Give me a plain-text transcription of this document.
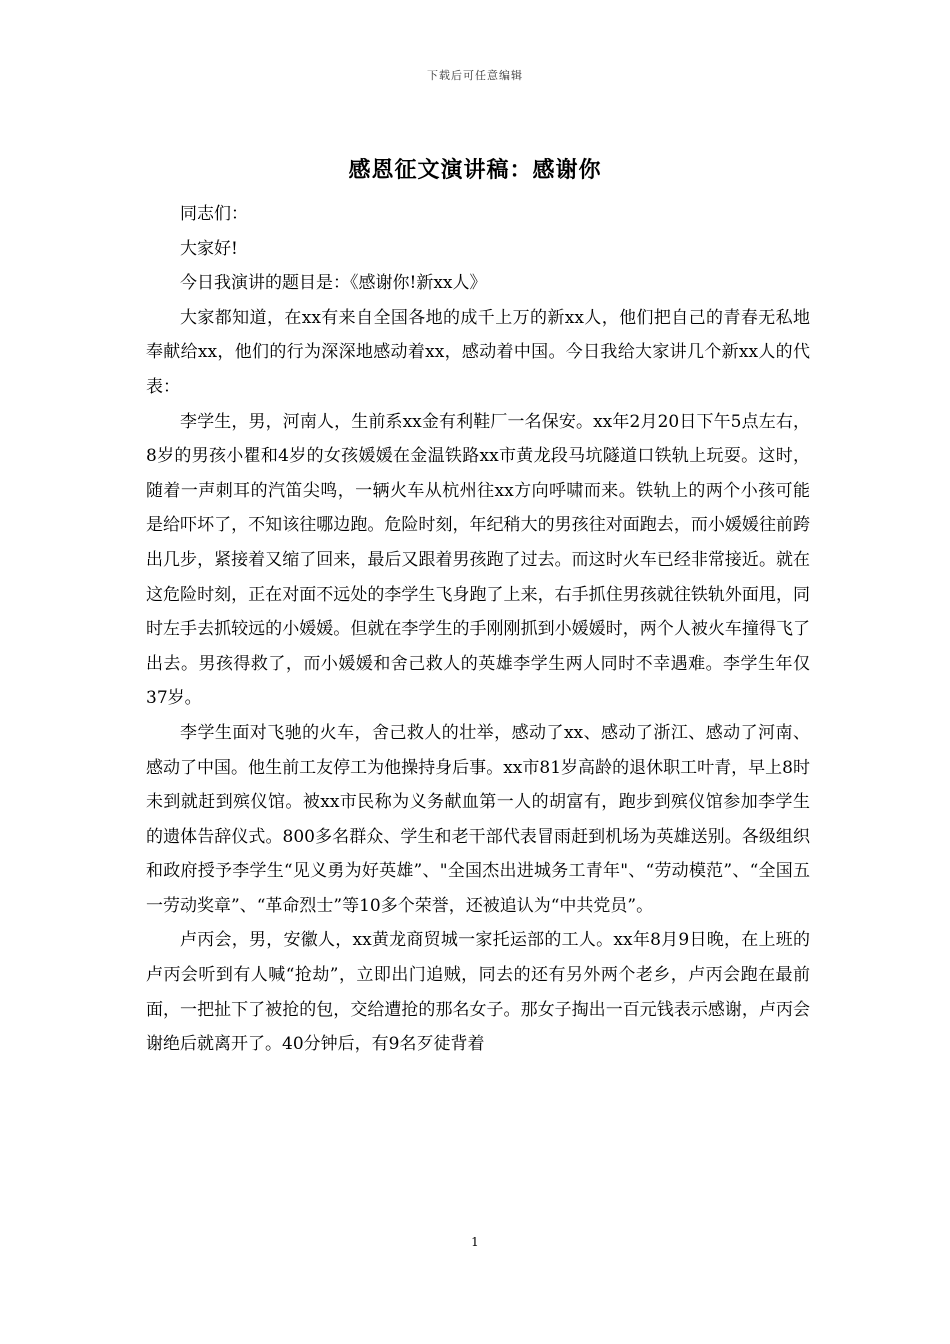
下载后可任意编辑
感恩征文演讲稿：感谢你

同志们：

大家好!

今日我演讲的题目是：《感谢你!新xx人》

大家都知道，在xx有来自全国各地的成千上万的新xx人，他们把自己的青春无私地奉献给xx，他们的行为深深地感动着xx，感动着中国。今日我给大家讲几个新xx人的代表：

李学生，男，河南人，生前系xx金有利鞋厂一名保安。xx年2月20日下午5点左右，8岁的男孩小瞿和4岁的女孩媛媛在金温铁路xx市黄龙段马坑隧道口铁轨上玩耍。这时，随着一声刺耳的汽笛尖鸣，一辆火车从杭州往xx方向呼啸而来。铁轨上的两个小孩可能是给吓坏了，不知该往哪边跑。危险时刻，年纪稍大的男孩往对面跑去，而小媛媛往前跨出几步，紧接着又缩了回来，最后又跟着男孩跑了过去。而这时火车已经非常接近。就在这危险时刻，正在对面不远处的李学生飞身跑了上来，右手抓住男孩就往铁轨外面甩，同时左手去抓较远的小媛媛。但就在李学生的手刚刚抓到小媛媛时，两个人被火车撞得飞了出去。男孩得救了，而小媛媛和舍己救人的英雄李学生两人同时不幸遇难。李学生年仅37岁。

李学生面对飞驰的火车，舍己救人的壮举，感动了xx、感动了浙江、感动了河南、感动了中国。他生前工友停工为他操持身后事。xx市81岁高龄的退休职工叶青，早上8时未到就赶到殡仪馆。被xx市民称为义务献血第一人的胡富有，跑步到殡仪馆参加李学生的遗体告辞仪式。800多名群众、学生和老干部代表冒雨赶到机场为英雄送别。各级组织和政府授予李学生“见义勇为好英雄”、"全国杰出进城务工青年"、“劳动模范”、“全国五一劳动奖章”、“革命烈士”等10多个荣誉，还被追认为“中共党员”。

卢丙会，男，安徽人，xx黄龙商贸城一家托运部的工人。xx年8月9日晚，在上班的卢丙会听到有人喊“抢劫”，立即出门追贼，同去的还有另外两个老乡，卢丙会跑在最前面，一把扯下了被抢的包，交给遭抢的那名女子。那女子掏出一百元钱表示感谢，卢丙会谢绝后就离开了。40分钟后，有9名歹徒背着

1
